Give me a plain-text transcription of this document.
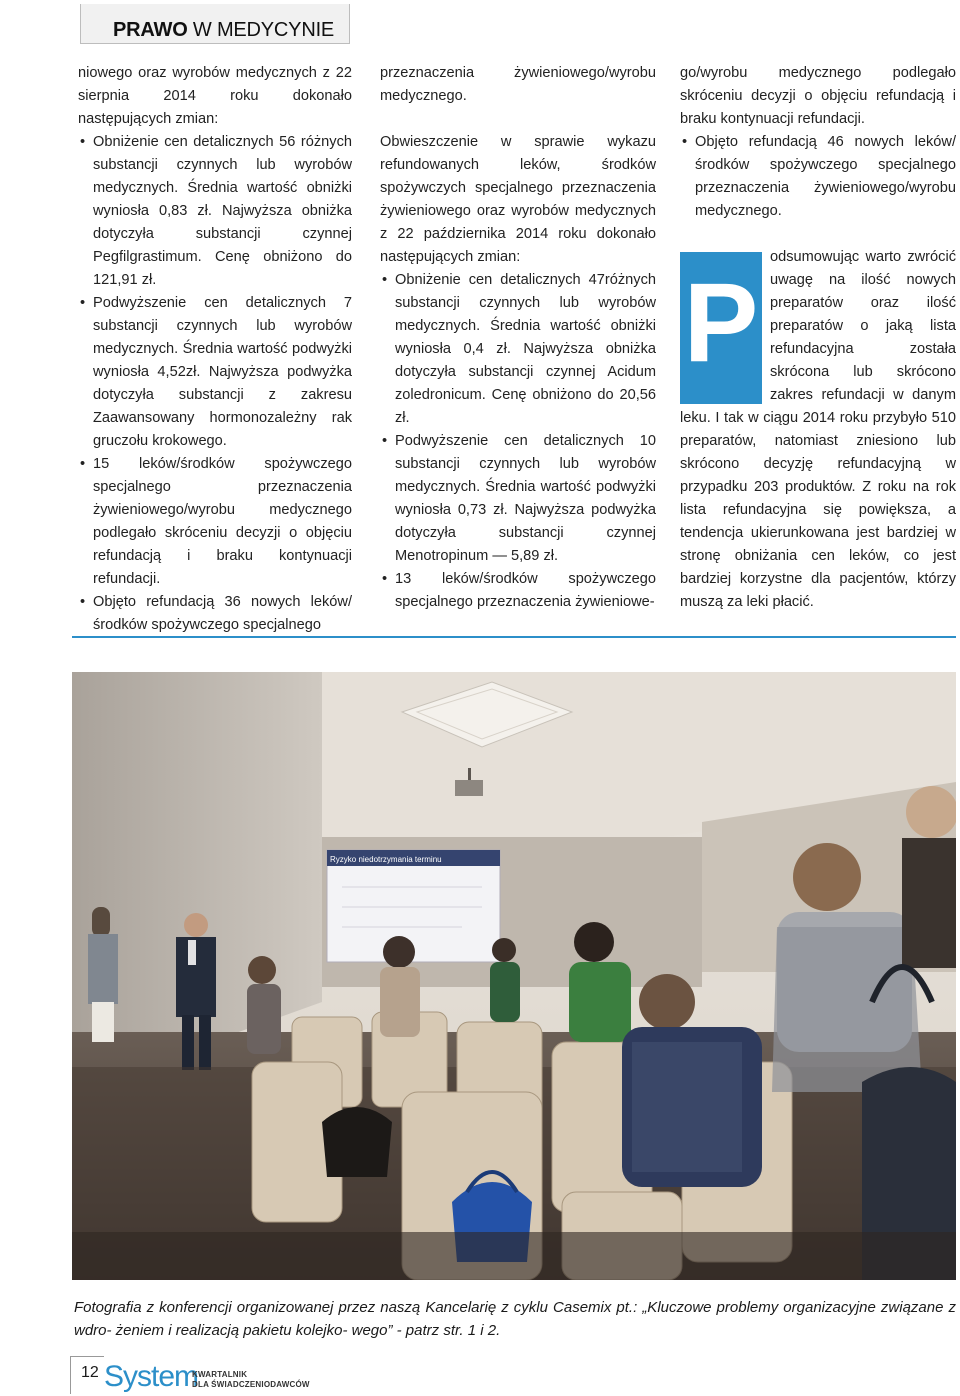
PRAWO W MEDYCYNIE

niowego oraz wyrobów medycznych z 22 sierpnia 2014 roku dokonało następujących zmian:

• Obniżenie cen detalicznych 56 różnych substancji czynnych lub wyrobów medycznych. Średnia wartość obniżki wyniosła 0,83 zł. Najwyższa obniżka dotyczyła substancji czynnej Pegfilgrastimum. Cenę obniżono do 121,91 zł.
• Podwyższenie cen detalicznych 7 substancji czynnych lub wyrobów medycznych. Średnia wartość podwyżki wyniosła 4,52zł. Najwyższa podwyżka dotyczyła substancji z zakresu Zaawansowany hormonozależny rak gruczołu krokowego.
• 15 leków/środków spożywczego specjalnego przeznaczenia żywieniowego/wyrobu medycznego podlegało skróceniu decyzji o objęciu refundacją i braku kontynuacji refundacji.
• Objęto refundacją 36 nowych leków/ środków spożywczego specjalnego

przeznaczenia żywieniowego/wyrobu medycznego.

Obwieszczenie w sprawie wykazu refundowanych leków, środków spożywczych specjalnego przeznaczenia żywieniowego oraz wyrobów medycznych z 22 października 2014 roku dokonało następujących zmian:

• Obniżenie cen detalicznych 47różnych substancji czynnych lub wyrobów medycznych. Średnia wartość obniżki wyniosła 0,4 zł. Najwyższa obniżka dotyczyła substancji czynnej Acidum zoledronicum. Cenę obniżono do 20,56 zł.
• Podwyższenie cen detalicznych 10 substancji czynnych lub wyrobów medycznych. Średnia wartość podwyżki wyniosła 0,73 zł. Najwyższa podwyżka dotyczyła substancji czynnej Menotropinum — 5,89 zł.
• 13 leków/środków spożywczego specjalnego przeznaczenia żywieniowe-

go/wyrobu medycznego podlegało skróceniu decyzji o objęciu refundacją i braku kontynuacji refundacji.

• Objęto refundacją 46 nowych leków/ środków spożywczego specjalnego przeznaczenia żywieniowego/wyrobu medycznego.
P
odsumowując warto zwrócić uwagę na ilość nowych preparatów oraz ilość preparatów o jaką lista refundacyjna została skrócona lub skrócono zakres refundacji w danym leku. I tak w ciągu 2014 roku przybyło 510 preparatów, natomiast zniesiono lub skrócono decyzję refundacyjną w przypadku 203 produktów. Z roku na rok lista refundacyjna się powiększa, a tendencja ukierunkowana jest bardziej w stronę obniżania cen leków, co jest bardziej korzystne dla pacjentów, którzy muszą za leki płacić.
Ryzyko niedotrzymania terminu
Fotografia z konferencji organizowanej przez naszą Kancelarię z cyklu Casemix pt.: „Kluczowe problemy organizacyjne związane z wdro- żeniem i realizacją pakietu kolejko- wego” - patrz str. 1 i 2.
12 System
KWARTALNIK
DLA ŚWIADCZENIODAWCÓW
